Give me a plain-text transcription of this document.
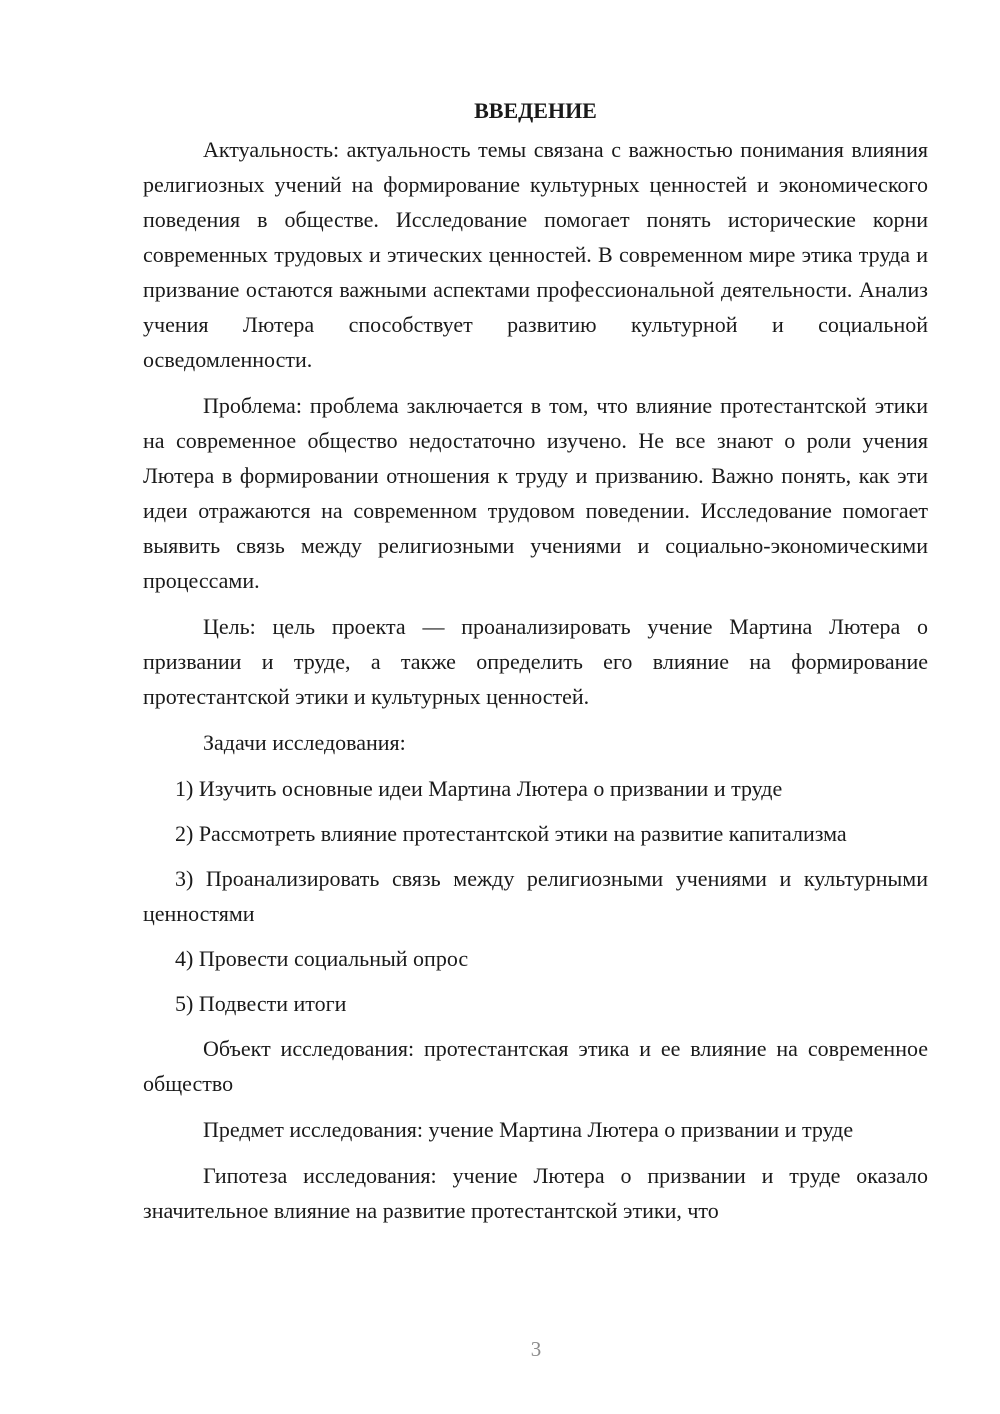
ВВЕДЕНИЕ

Актуальность: актуальность темы связана с важностью понимания влияния религиозных учений на формирование культурных ценностей и экономического поведения в обществе. Исследование помогает понять исторические корни современных трудовых и этических ценностей. В современном мире этика труда и призвание остаются важными аспектами профессиональной деятельности. Анализ учения Лютера способствует развитию культурной и социальной осведомленности.

Проблема: проблема заключается в том, что влияние протестантской этики на современное общество недостаточно изучено. Не все знают о роли учения Лютера в формировании отношения к труду и призванию. Важно понять, как эти идеи отражаются на современном трудовом поведении. Исследование помогает выявить связь между религиозными учениями и социально-экономическими процессами.

Цель: цель проекта — проанализировать учение Мартина Лютера о призвании и труде, а также определить его влияние на формирование протестантской этики и культурных ценностей.

Задачи исследования:

1) Изучить основные идеи Мартина Лютера о призвании и труде

2) Рассмотреть влияние протестантской этики на развитие капитализма

3) Проанализировать связь между религиозными учениями и культурными ценностями

4) Провести социальный опрос

5) Подвести итоги

Объект исследования: протестантская этика и ее влияние на современное общество

Предмет исследования: учение Мартина Лютера о призвании и труде

Гипотеза исследования: учение Лютера о призвании и труде оказало значительное влияние на развитие протестантской этики, что

3
